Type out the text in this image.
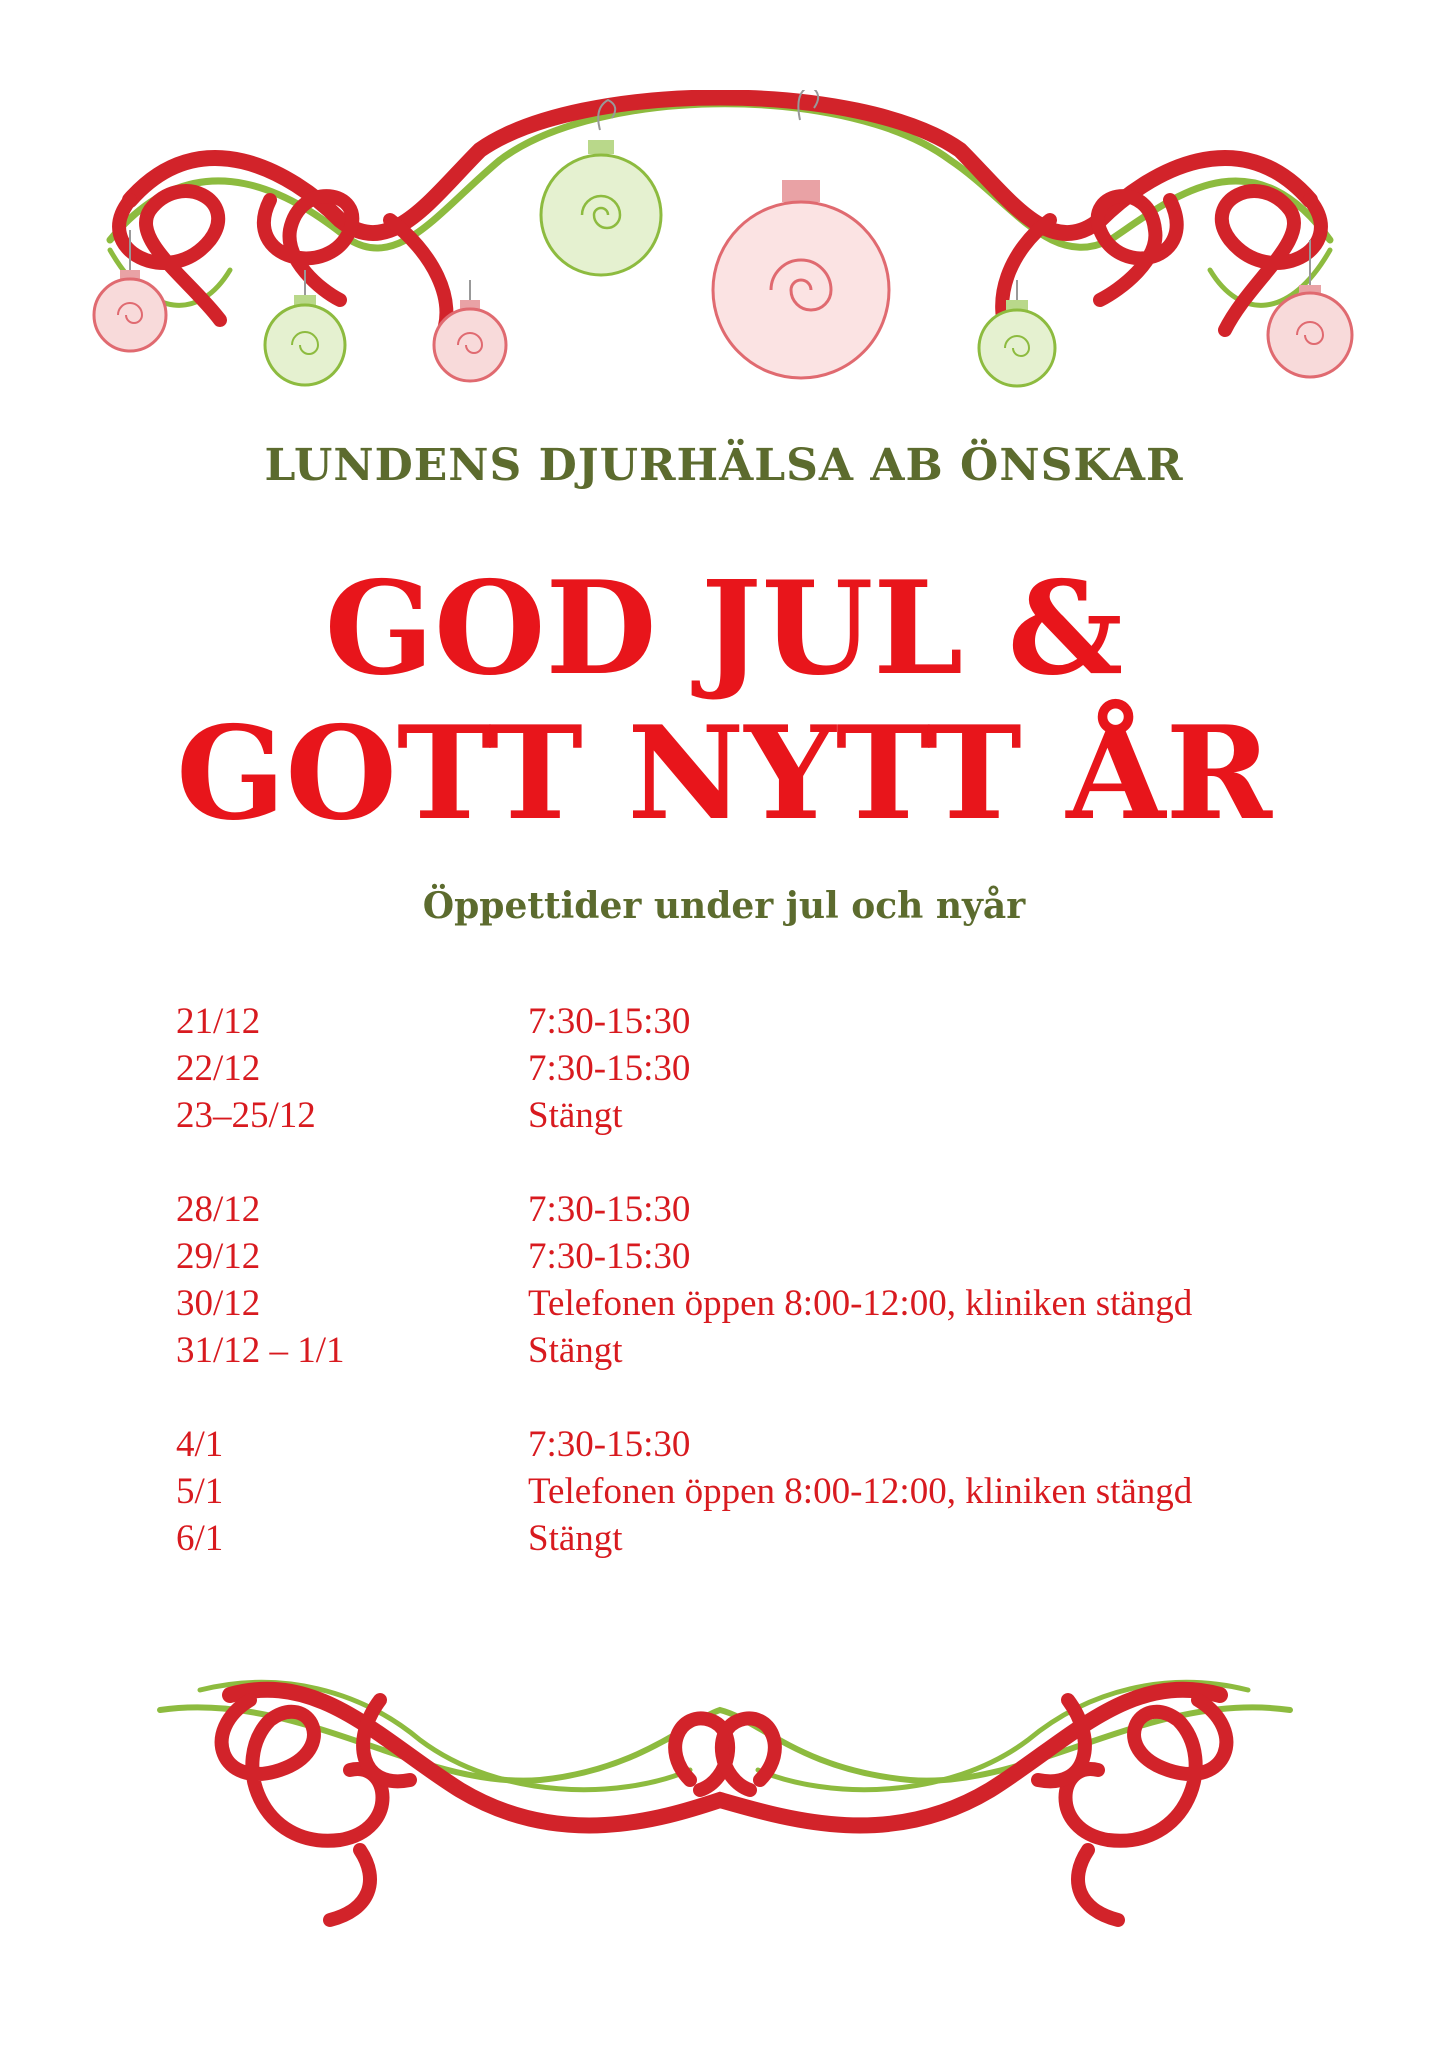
LUNDENS DJURHÄLSA AB ÖNSKAR
GOD JUL &
GOTT NYTT ÅR
Öppettider under jul och nyår
21/12	7:30-15:30
22/12	7:30-15:30
23–25/12	Stängt
28/12	7:30-15:30
29/12	7:30-15:30
30/12	Telefonen öppen 8:00-12:00, kliniken stängd
31/12 – 1/1	Stängt
4/1	7:30-15:30
5/1	Telefonen öppen 8:00-12:00, kliniken stängd
6/1	Stängt
